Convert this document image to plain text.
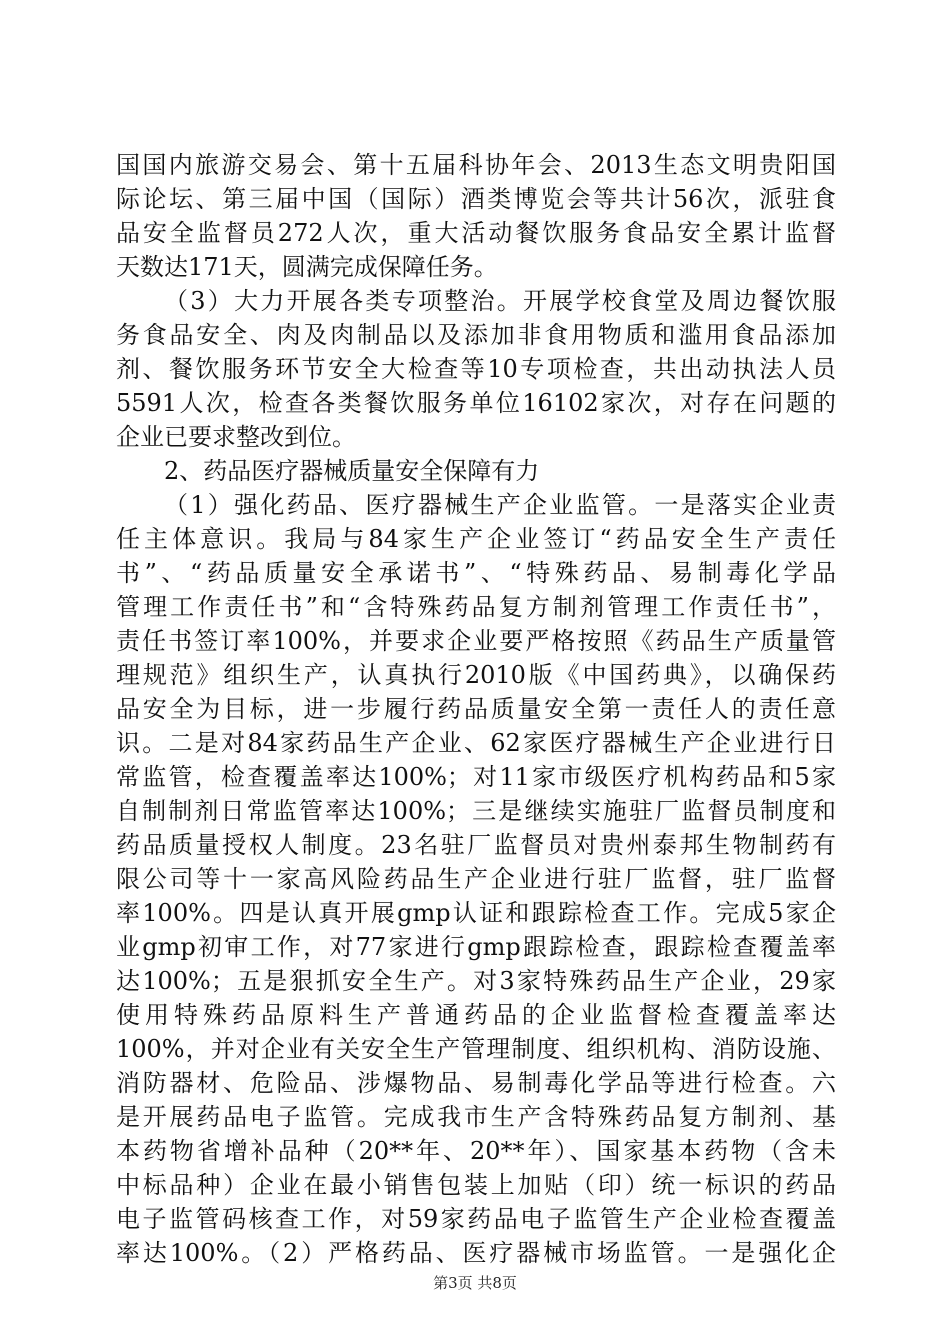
国国内旅游交易会、第十五届科协年会、2013生态文明贵阳国
际论坛、第三届中国（国际）酒类博览会等共计56次，派驻食
品安全监督员272人次，重大活动餐饮服务食品安全累计监督
天数达171天，圆满完成保障任务。
（3）大力开展各类专项整治。开展学校食堂及周边餐饮服
务食品安全、肉及肉制品以及添加非食用物质和滥用食品添加
剂、餐饮服务环节安全大检查等10专项检查，共出动执法人员
5591人次，检查各类餐饮服务单位16102家次，对存在问题的
企业已要求整改到位。
2、药品医疗器械质量安全保障有力
（1）强化药品、医疗器械生产企业监管。一是落实企业责
任主体意识。我局与84家生产企业签订“药品安全生产责任
书”、“药品质量安全承诺书”、“特殊药品、易制毒化学品
管理工作责任书”和“含特殊药品复方制剂管理工作责任书”，
责任书签订率100%，并要求企业要严格按照《药品生产质量管
理规范》组织生产，认真执行2010版《中国药典》，以确保药
品安全为目标，进一步履行药品质量安全第一责任人的责任意
识。二是对84家药品生产企业、62家医疗器械生产企业进行日
常监管，检查覆盖率达100%；对11家市级医疗机构药品和5家
自制制剂日常监管率达100%；三是继续实施驻厂监督员制度和
药品质量授权人制度。23名驻厂监督员对贵州泰邦生物制药有
限公司等十一家高风险药品生产企业进行驻厂监督，驻厂监督
率100%。四是认真开展gmp认证和跟踪检查工作。完成5家企
业gmp初审工作，对77家进行gmp跟踪检查，跟踪检查覆盖率
达100%；五是狠抓安全生产。对3家特殊药品生产企业，29家
使用特殊药品原料生产普通药品的企业监督检查覆盖率达
100%，并对企业有关安全生产管理制度、组织机构、消防设施、
消防器材、危险品、涉爆物品、易制毒化学品等进行检查。六
是开展药品电子监管。完成我市生产含特殊药品复方制剂、基
本药物省增补品种（20**年、20**年）、国家基本药物（含未
中标品种）企业在最小销售包装上加贴（印）统一标识的药品
电子监管码核查工作，对59家药品电子监管生产企业检查覆盖
率达100%。（2）严格药品、医疗器械市场监管。一是强化企
第3页 共8页
